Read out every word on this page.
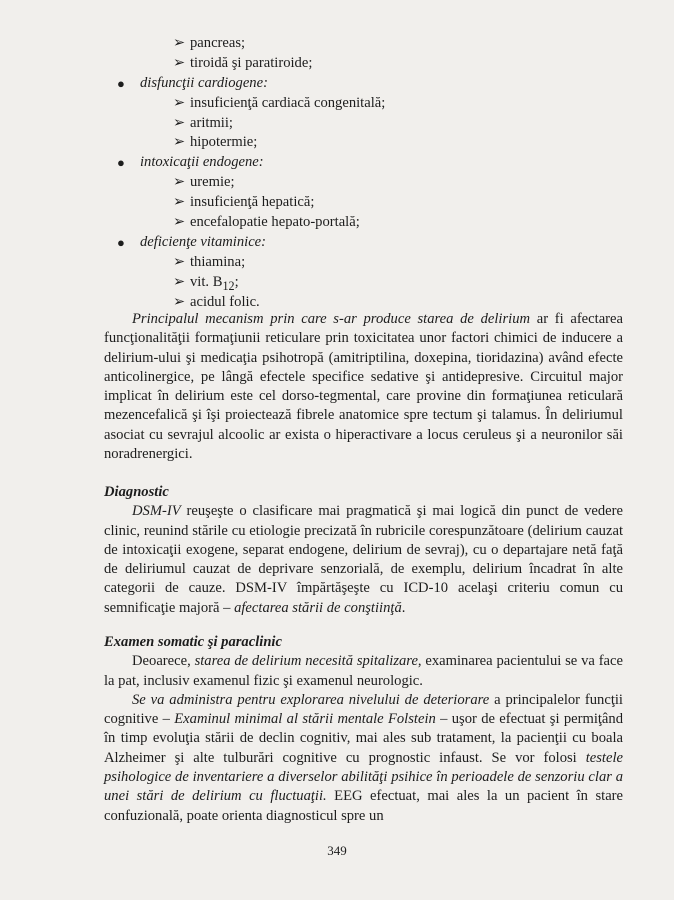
➢ pancreas;
➢ tiroidă şi paratiroide;
● disfuncţii cardiogene:
➢ insuficienţă cardiacă congenitală;
➢ aritmii;
➢ hipotermie;
● intoxicaţii endogene:
➢ uremie;
➢ insuficienţă hepatică;
➢ encefalopatie hepato-portală;
● deficienţe vitaminice:
➢ thiamina;
➢ vit. $B_{12}$;
➢ acidul folic.

Principalul mecanism prin care s-ar produce starea de delirium ar fi afectarea funcţionalităţii formaţiunii reticulare prin toxicitatea unor factori chimici de inducere a delirium-ului şi medicaţia psihotropă (amitriptilina, doxepina, tioridazina) având efecte anticolinergice, pe lângă efectele specifice sedative şi antidepresive. Circuitul major implicat în delirium este cel dorso-tegmental, care provine din formaţiunea reticulară mezencefalică şi îşi proiectează fibrele anatomice spre tectum şi talamus. În deliriumul asociat cu sevrajul alcoolic ar exista o hiperactivare a locus ceruleus şi a neuronilor săi noradrenergici.

Diagnostic

DSM-IV reuşeşte o clasificare mai pragmatică şi mai logică din punct de vedere clinic, reunind stările cu etiologie precizată în rubricile corespunzătoare (delirium cauzat de intoxicaţii exogene, separat endogene, delirium de sevraj), cu o departajare netă faţă de deliriumul cauzat de deprivare senzorială, de exemplu, delirium încadrat în alte categorii de cauze. DSM-IV împărtăşeşte cu ICD-10 acelaşi criteriu comun cu semnificaţie majoră – afectarea stării de conştiinţă.

Examen somatic şi paraclinic

Deoarece, starea de delirium necesită spitalizare, examinarea pacientului se va face la pat, inclusiv examenul fizic şi examenul neurologic.

Se va administra pentru explorarea nivelului de deteriorare a principalelor funcţii cognitive – Examinul minimal al stării mentale Folstein – uşor de efectuat şi permiţând în timp evoluţia stării de declin cognitiv, mai ales sub tratament, la pacienţii cu boala Alzheimer şi alte tulburări cognitive cu prognostic infaust. Se vor folosi testele psihologice de inventariere a diverselor abilităţi psihice în perioadele de senzoriu clar a unei stări de delirium cu fluctuaţii. EEG efectuat, mai ales la un pacient în stare confuzională, poate orienta diagnosticul spre un

349
